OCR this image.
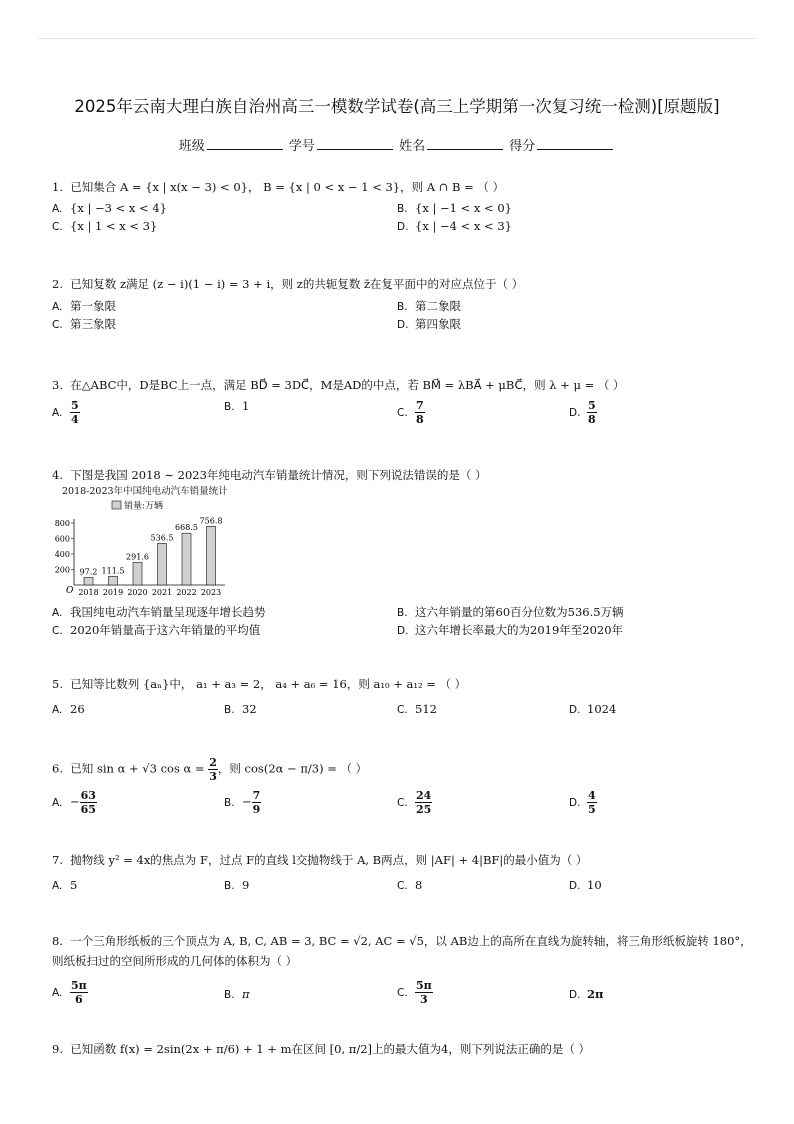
2025年云南大理白族自治州高三一模数学试卷(高三上学期第一次复习统一检测)[原题版]
班级	学号	姓名	得分
1. 已知集合 A = {x | x(x − 3) < 0}， B = {x | 0 < x − 1 < 3}，则 A ∩ B = （ ）
A. {x | −3 < x < 4}	B. {x | −1 < x < 0}
C. {x | 1 < x < 3}	D. {x | −4 < x < 3}
2. 已知复数 z满足 (z − i)(1 − i) = 3 + i，则 z的共轭复数 z̄在复平面中的对应点位于（ ）
A. 第一象限	B. 第二象限
C. 第三象限	D. 第四象限
3. 在△ABC中，D是BC上一点，满足 BD⃗ = 3DC⃗，M是AD的中点，若 BM⃗ = λBA⃗ + μBC⃗，则 λ + μ = （ ）
A. $\frac{5}{4}$	B. 1	C. $\frac{7}{8}$	D. $\frac{5}{8}$
4. 下图是我国 2018 ∼ 2023年纯电动汽车销量统计情况，则下列说法错误的是（ ）
2018-2023年中国纯电动汽车销量统计
销量:万辆
O
800
600
400
200 97.2
2018
111.5
2019
291.6
2020
536.5
2021
668.5
2022
756.8
2023
A. 我国纯电动汽车销量呈现逐年增长趋势	B. 这六年销量的第60百分位数为536.5万辆
C. 2020年销量高于这六年销量的平均值	D. 这六年增长率最大的为2019年至2020年
5. 已知等比数列 {aₙ}中， a₁ + a₃ = 2， a₄ + a₆ = 16，则 a₁₀ + a₁₂ = （ ）
A. 26	B. 32	C. 512	D. 1024
6. 已知 sin α + √3 $\cos \alpha = \frac{2}{3}$ ，则 cos(2α − π/3) = （ ）
A. − $\frac{63}{65}$	B. − $\frac{7}{9}$	C. $\frac{24}{25}$	D. $\frac{4}{5}$
7. 抛物线 y² = 4x的焦点为 F，过点 F的直线 l交抛物线于 A, B两点，则 |AF| + 4|BF|的最小值为（ ）
A. 5	B. 9	C. 8	D. 10
8. 一个三角形纸板的三个顶点为 A, B, C, AB = 3, BC = √2, AC = √5，以 AB边上的高所在直线为旋转轴，将三角形纸板旋转 180°，则纸板扫过的空间所形成的几何体的体积为（ ）
A. $\frac{5\pi}{6}$	B. π	C. $\frac{5\pi}{3}$	D. 2π
9. 已知函数 f(x) = 2sin(2x + π/6) + 1 + m在区间 [0, π/2]上的最大值为4，则下列说法正确的是（ ）
